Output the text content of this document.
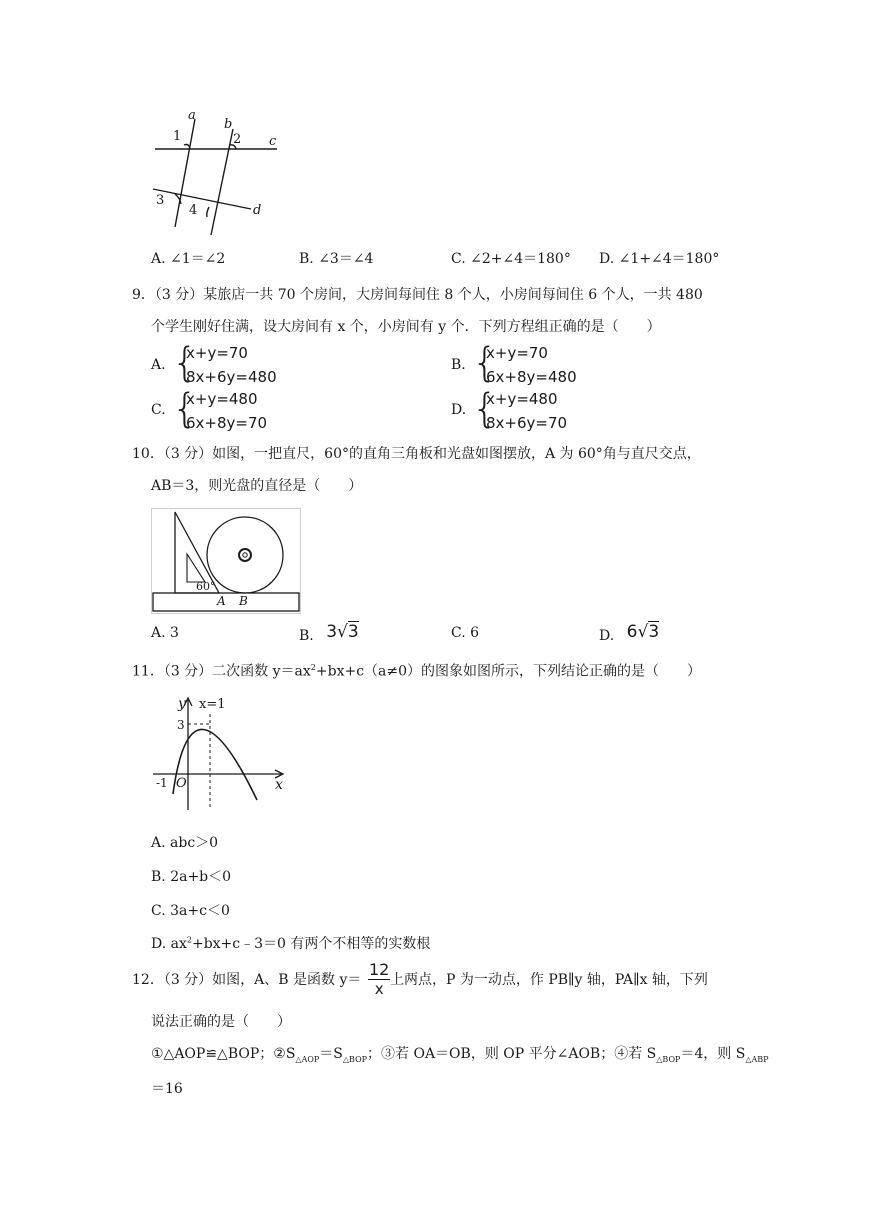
a
b
c
d
1	2
3
4
A. ∠1＝∠2	B. ∠3＝∠4	C. ∠2+∠4＝180° D. ∠1+∠4＝180°
9．（3 分）某旅店一共 70 个房间，大房间每间住 8 个人，小房间每间住 6 个人，一共 480
个学生刚好住满，设大房间有 x 个，小房间有 y 个．下列方程组正确的是（　　）
A. {
x+y=70
8x+6y=480
B. {
x+y=70
6x+8y=480
C. {
x+y=480
6x+8y=70
D. {
x+y=480
8x+6y=70
10．（3 分）如图，一把直尺，60°的直角三角板和光盘如图摆放，A 为 60°角与直尺交点，
AB＝3，则光盘的直径是（　　）
60°
A B
A. 3	B. 3√3	C. 6	D. 6√3
11．（3 分）二次函数 $y=ax^2+bx+c(a\ne 0)$的图象如图所示，下列结论正确的是（　　）
y x=1
3
-1 O	x
A. abc＞0
B. 2a+b＜0
C. 3a+c＜0
D. $ax^2+bx+c﹣3=0$ 有两个不相等的实数根
12．（3 分）如图，A、B 是函数 $y= \frac{12}{x}$ 上两点，P 为一动点，作 PB∥y 轴，PA∥x 轴，下列
说法正确的是（　　）
①△AOP≌△BOP；$②S_{\triangle AOP}=S_{\triangle BOP}$；③若 OA＝OB，则 OP 平分∠AOB；④若 $S_{\triangle BOP}=4$，则 $S_{\triangle ABP}$
＝16
